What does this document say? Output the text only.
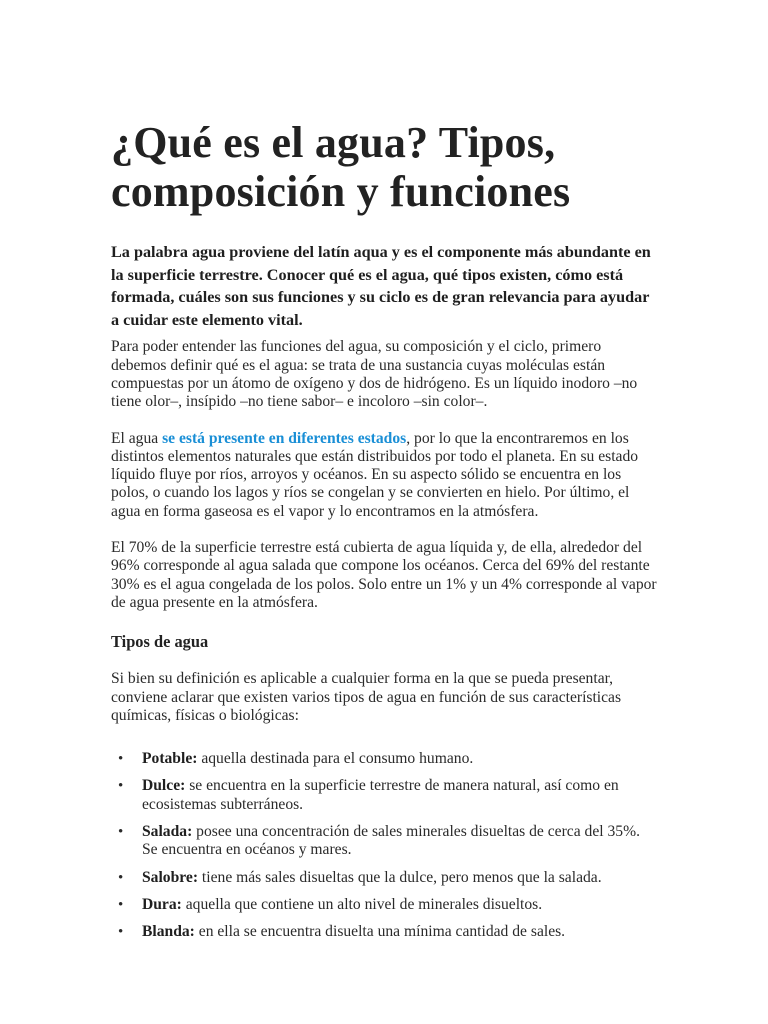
¿Qué es el agua? Tipos, composición y funciones

La palabra agua proviene del latín aqua y es el componente más abundante en la superficie terrestre. Conocer qué es el agua, qué tipos existen, cómo está formada, cuáles son sus funciones y su ciclo es de gran relevancia para ayudar a cuidar este elemento vital.

Para poder entender las funciones del agua, su composición y el ciclo, primero debemos definir qué es el agua: se trata de una sustancia cuyas moléculas están compuestas por un átomo de oxígeno y dos de hidrógeno. Es un líquido inodoro –no tiene olor–, insípido –no tiene sabor– e incoloro –sin color–.

El agua se está presente en diferentes estados, por lo que la encontraremos en los distintos elementos naturales que están distribuidos por todo el planeta. En su estado líquido fluye por ríos, arroyos y océanos. En su aspecto sólido se encuentra en los polos, o cuando los lagos y ríos se congelan y se convierten en hielo. Por último, el agua en forma gaseosa es el vapor y lo encontramos en la atmósfera.

El 70% de la superficie terrestre está cubierta de agua líquida y, de ella, alrededor del 96% corresponde al agua salada que compone los océanos. Cerca del 69% del restante 30% es el agua congelada de los polos. Solo entre un 1% y un 4% corresponde al vapor de agua presente en la atmósfera.

Tipos de agua

Si bien su definición es aplicable a cualquier forma en la que se pueda presentar, conviene aclarar que existen varios tipos de agua en función de sus características químicas, físicas o biológicas:

• Potable: aquella destinada para el consumo humano.
• Dulce: se encuentra en la superficie terrestre de manera natural, así como en ecosistemas subterráneos.
• Salada: posee una concentración de sales minerales disueltas de cerca del 35%. Se encuentra en océanos y mares.
• Salobre: tiene más sales disueltas que la dulce, pero menos que la salada.
• Dura: aquella que contiene un alto nivel de minerales disueltos.
• Blanda: en ella se encuentra disuelta una mínima cantidad de sales.
